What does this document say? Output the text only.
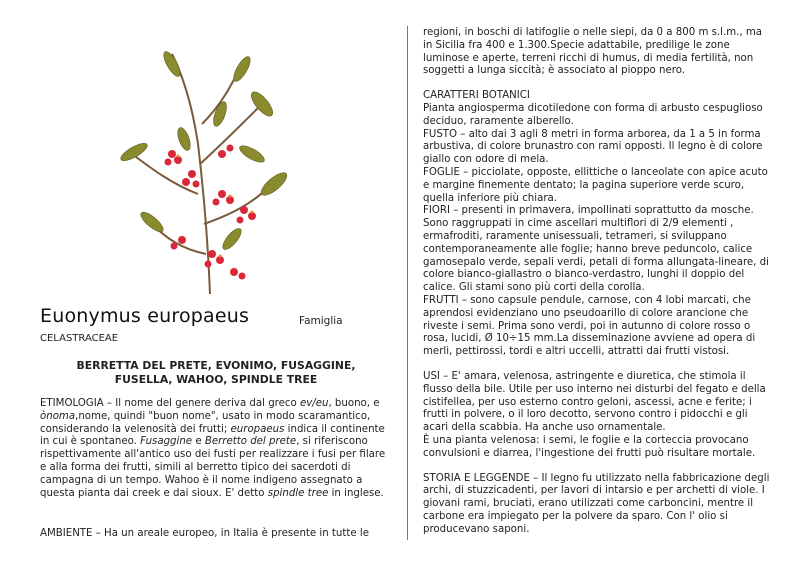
Euonymus europaeus	Famiglia
CELASTRACEAE
BERRETTA DEL PRETE, EVONIMO, FUSAGGINE,
FUSELLA, WAHOO, SPINDLE TREE
ETIMOLOGIA – Il nome del genere deriva dal greco ev/eu, buono, e ònoma,nome, quindi "buon nome", usato in modo scaramantico, considerando la velenosità dei frutti; europaeus indica il continente in cui è spontaneo. Fusaggine e Berretto del prete, si riferiscono rispettivamente all'antico uso dei fusti per realizzare i fusi per filare e alla forma dei frutti, simili al berretto tipico dei sacerdoti di campagna di un tempo. Wahoo è il nome indigeno assegnato a questa pianta dai creek e dai sioux. E' detto spindle tree in inglese.
AMBIENTE – Ha un areale europeo, in Italia è presente in tutte le

regioni, in boschi di latifoglie o nelle siepi, da 0 a 800 m s.l.m., ma in Sicilia fra 400 e 1.300.Specie adattabile, predilige le zone luminose e aperte, terreni ricchi di humus, di media fertilità, non soggetti a lunga siccità; è associato al pioppo nero.

CARATTERI BOTANICI

Pianta angiosperma dicotiledone con forma di arbusto cespuglioso deciduo, raramente alberello.

FUSTO – alto dai 3 agli 8 metri in forma arborea, da 1 a 5 in forma arbustiva, di colore brunastro con rami opposti. Il legno è di colore giallo con odore di mela.

FOGLIE – picciolate, opposte, ellittiche o lanceolate con apice acuto e margine finemente dentato; la pagina superiore verde scuro, quella inferiore più chiara.

FIORI – presenti in primavera, impollinati soprattutto da mosche. Sono raggruppati in cime ascellari multiflori di 2/9 elementi , ermafroditi, raramente unisessuali, tetrameri, si sviluppano contemporaneamente alle foglie; hanno breve peduncolo, calice gamosepalo verde, sepali verdi, petali di forma allungata-lineare, di colore bianco-giallastro o bianco-verdastro, lunghi il doppio del calice. Gli stami sono più corti della corolla.

FRUTTI – sono capsule pendule, carnose, con 4 lobi marcati, che aprendosi evidenziano uno pseudoarillo di colore arancione che riveste i semi. Prima sono verdi, poi in autunno di colore rosso o rosa, lucidi, Ø 10÷15 mm.La disseminazione avviene ad opera di merli, pettirossi, tordi e altri uccelli, attratti dai frutti vistosi.

USI – E' amara, velenosa, astringente e diuretica, che stimola il flusso della bile. Utile per uso interno nei disturbi del fegato e della cistifellea, per uso esterno contro geloni, ascessi, acne e ferite; i frutti in polvere, o il loro decotto, servono contro i pidocchi e gli acari della scabbia. Ha anche uso ornamentale.

È una pianta velenosa: i semi, le foglie e la corteccia provocano convulsioni e diarrea, l'ingestione dei frutti può risultare mortale.

STORIA E LEGGENDE – Il legno fu utilizzato nella fabbricazione degli archi, di stuzzicadenti, per lavori di intarsio e per archetti di viole. I giovani rami, bruciati, erano utilizzati come carboncini, mentre il carbone era impiegato per la polvere da sparo. Con l' olio si producevano saponi.
